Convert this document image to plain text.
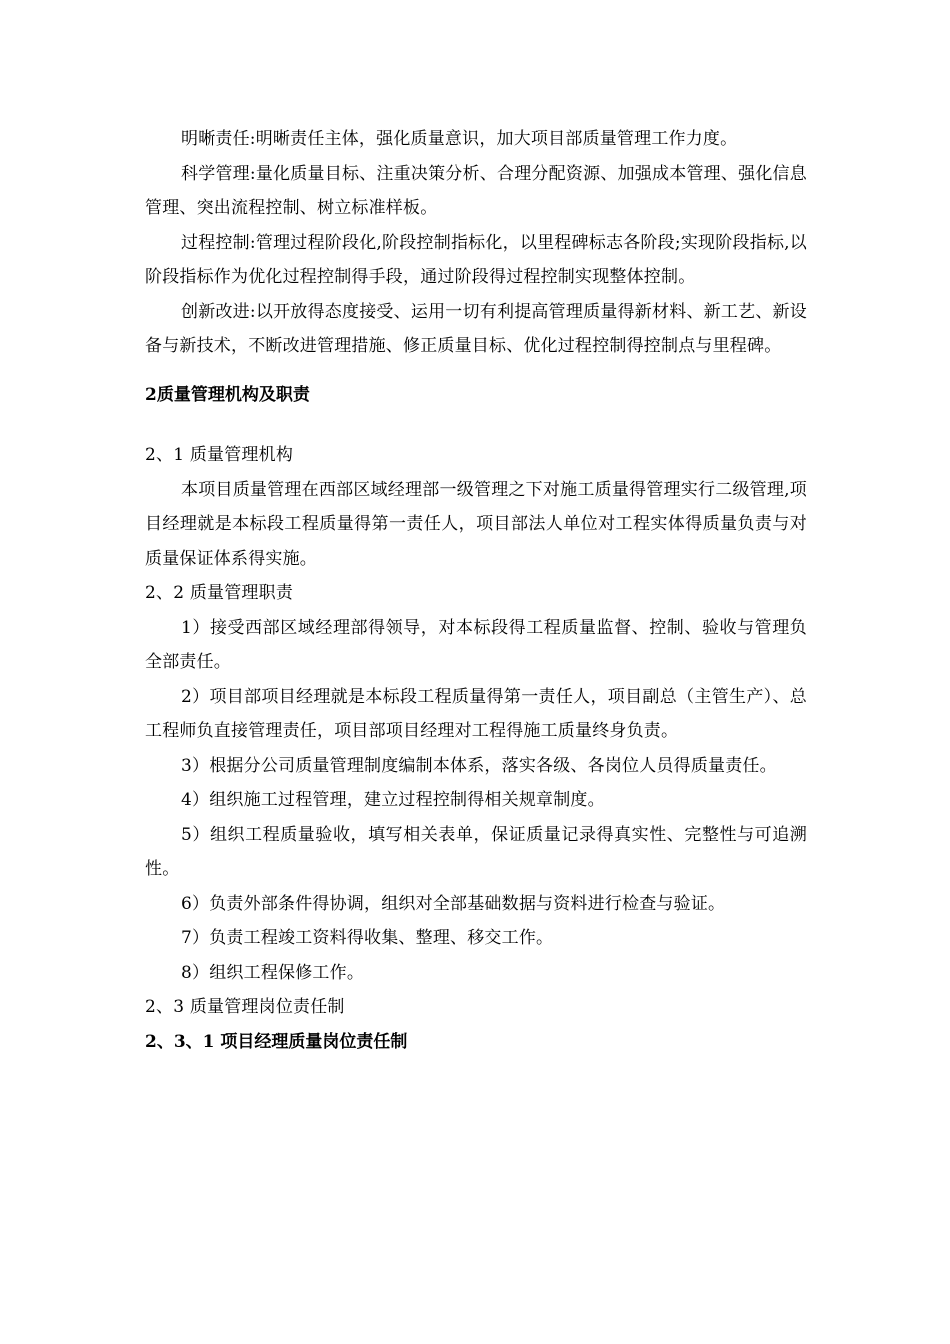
明晰责任:明晰责任主体，强化质量意识，加大项目部质量管理工作力度。

科学管理:量化质量目标、注重决策分析、合理分配资源、加强成本管理、强化信息管理、突出流程控制、树立标准样板。

过程控制:管理过程阶段化,阶段控制指标化，以里程碑标志各阶段;实现阶段指标,以阶段指标作为优化过程控制得手段，通过阶段得过程控制实现整体控制。

创新改进:以开放得态度接受、运用一切有利提高管理质量得新材料、新工艺、新设备与新技术，不断改进管理措施、修正质量目标、优化过程控制得控制点与里程碑。

2质量管理机构及职责

2、1 质量管理机构

本项目质量管理在西部区域经理部一级管理之下对施工质量得管理实行二级管理,项目经理就是本标段工程质量得第一责任人，项目部法人单位对工程实体得质量负责与对质量保证体系得实施。

2、2 质量管理职责

1）接受西部区域经理部得领导，对本标段得工程质量监督、控制、验收与管理负全部责任。

2）项目部项目经理就是本标段工程质量得第一责任人，项目副总（主管生产）、总工程师负直接管理责任，项目部项目经理对工程得施工质量终身负责。

3）根据分公司质量管理制度编制本体系，落实各级、各岗位人员得质量责任。

4）组织施工过程管理，建立过程控制得相关规章制度。

5）组织工程质量验收，填写相关表单，保证质量记录得真实性、完整性与可追溯性。

6）负责外部条件得协调，组织对全部基础数据与资料进行检查与验证。

7）负责工程竣工资料得收集、整理、移交工作。

8）组织工程保修工作。

2、3 质量管理岗位责任制

2、3、1 项目经理质量岗位责任制
